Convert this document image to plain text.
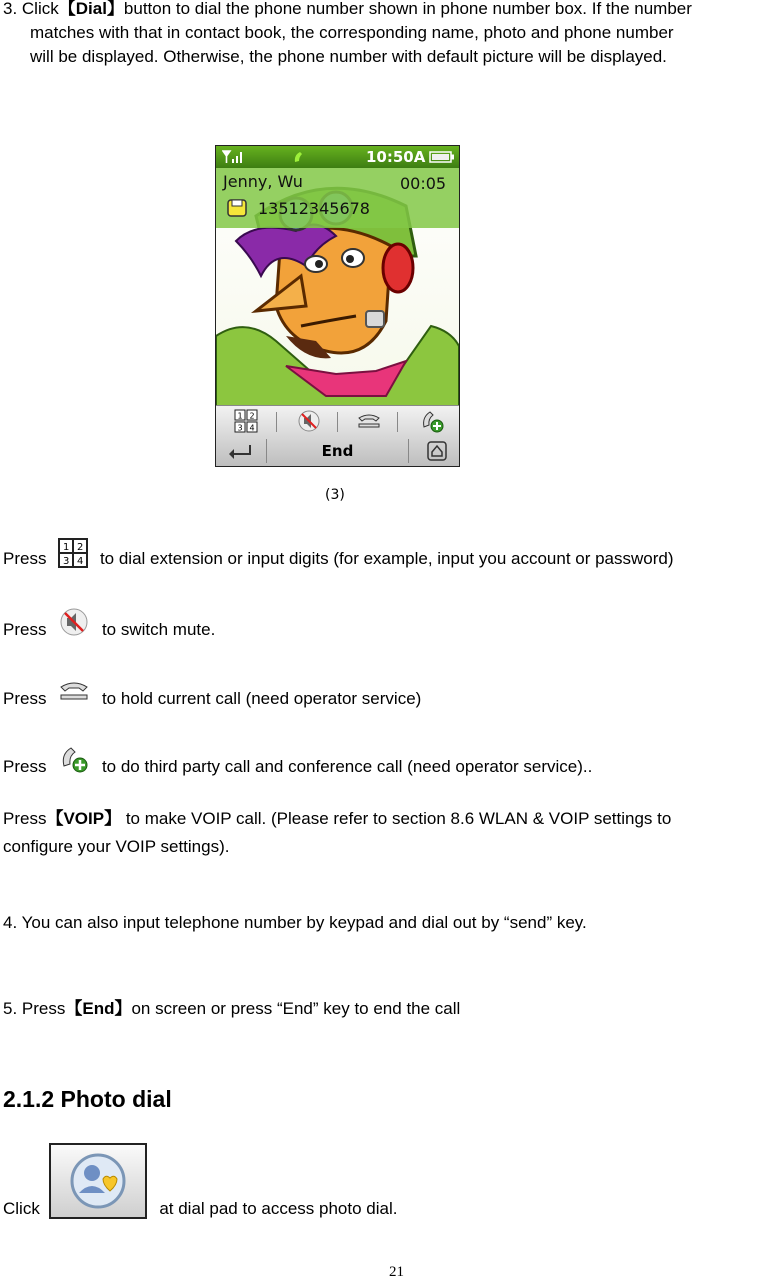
3. Click【Dial】button to dial the phone number shown in phone number box. If the number
matches with that in contact book, the corresponding name, photo and phone number
will be displayed. Otherwise, the phone number with default picture will be displayed.
10:50A
Jenny, Wu	00:05
13512345678
1 2
3 4
End
(3)
Press
1 2
3 4 to dial extension or input digits (for example, input you account or password)
Press	to switch mute.
Press	to hold current call (need operator service)
Press	to do third party call and conference call (need operator service)..
Press【VOIP】 to make VOIP call. (Please refer to section 8.6 WLAN & VOIP settings to
configure your VOIP settings).
4. You can also input telephone number by keypad and dial out by “send” key.
5. Press【End】on screen or press “End” key to end the call
2.1.2 Photo dial
Click	at dial pad to access photo dial.
21
